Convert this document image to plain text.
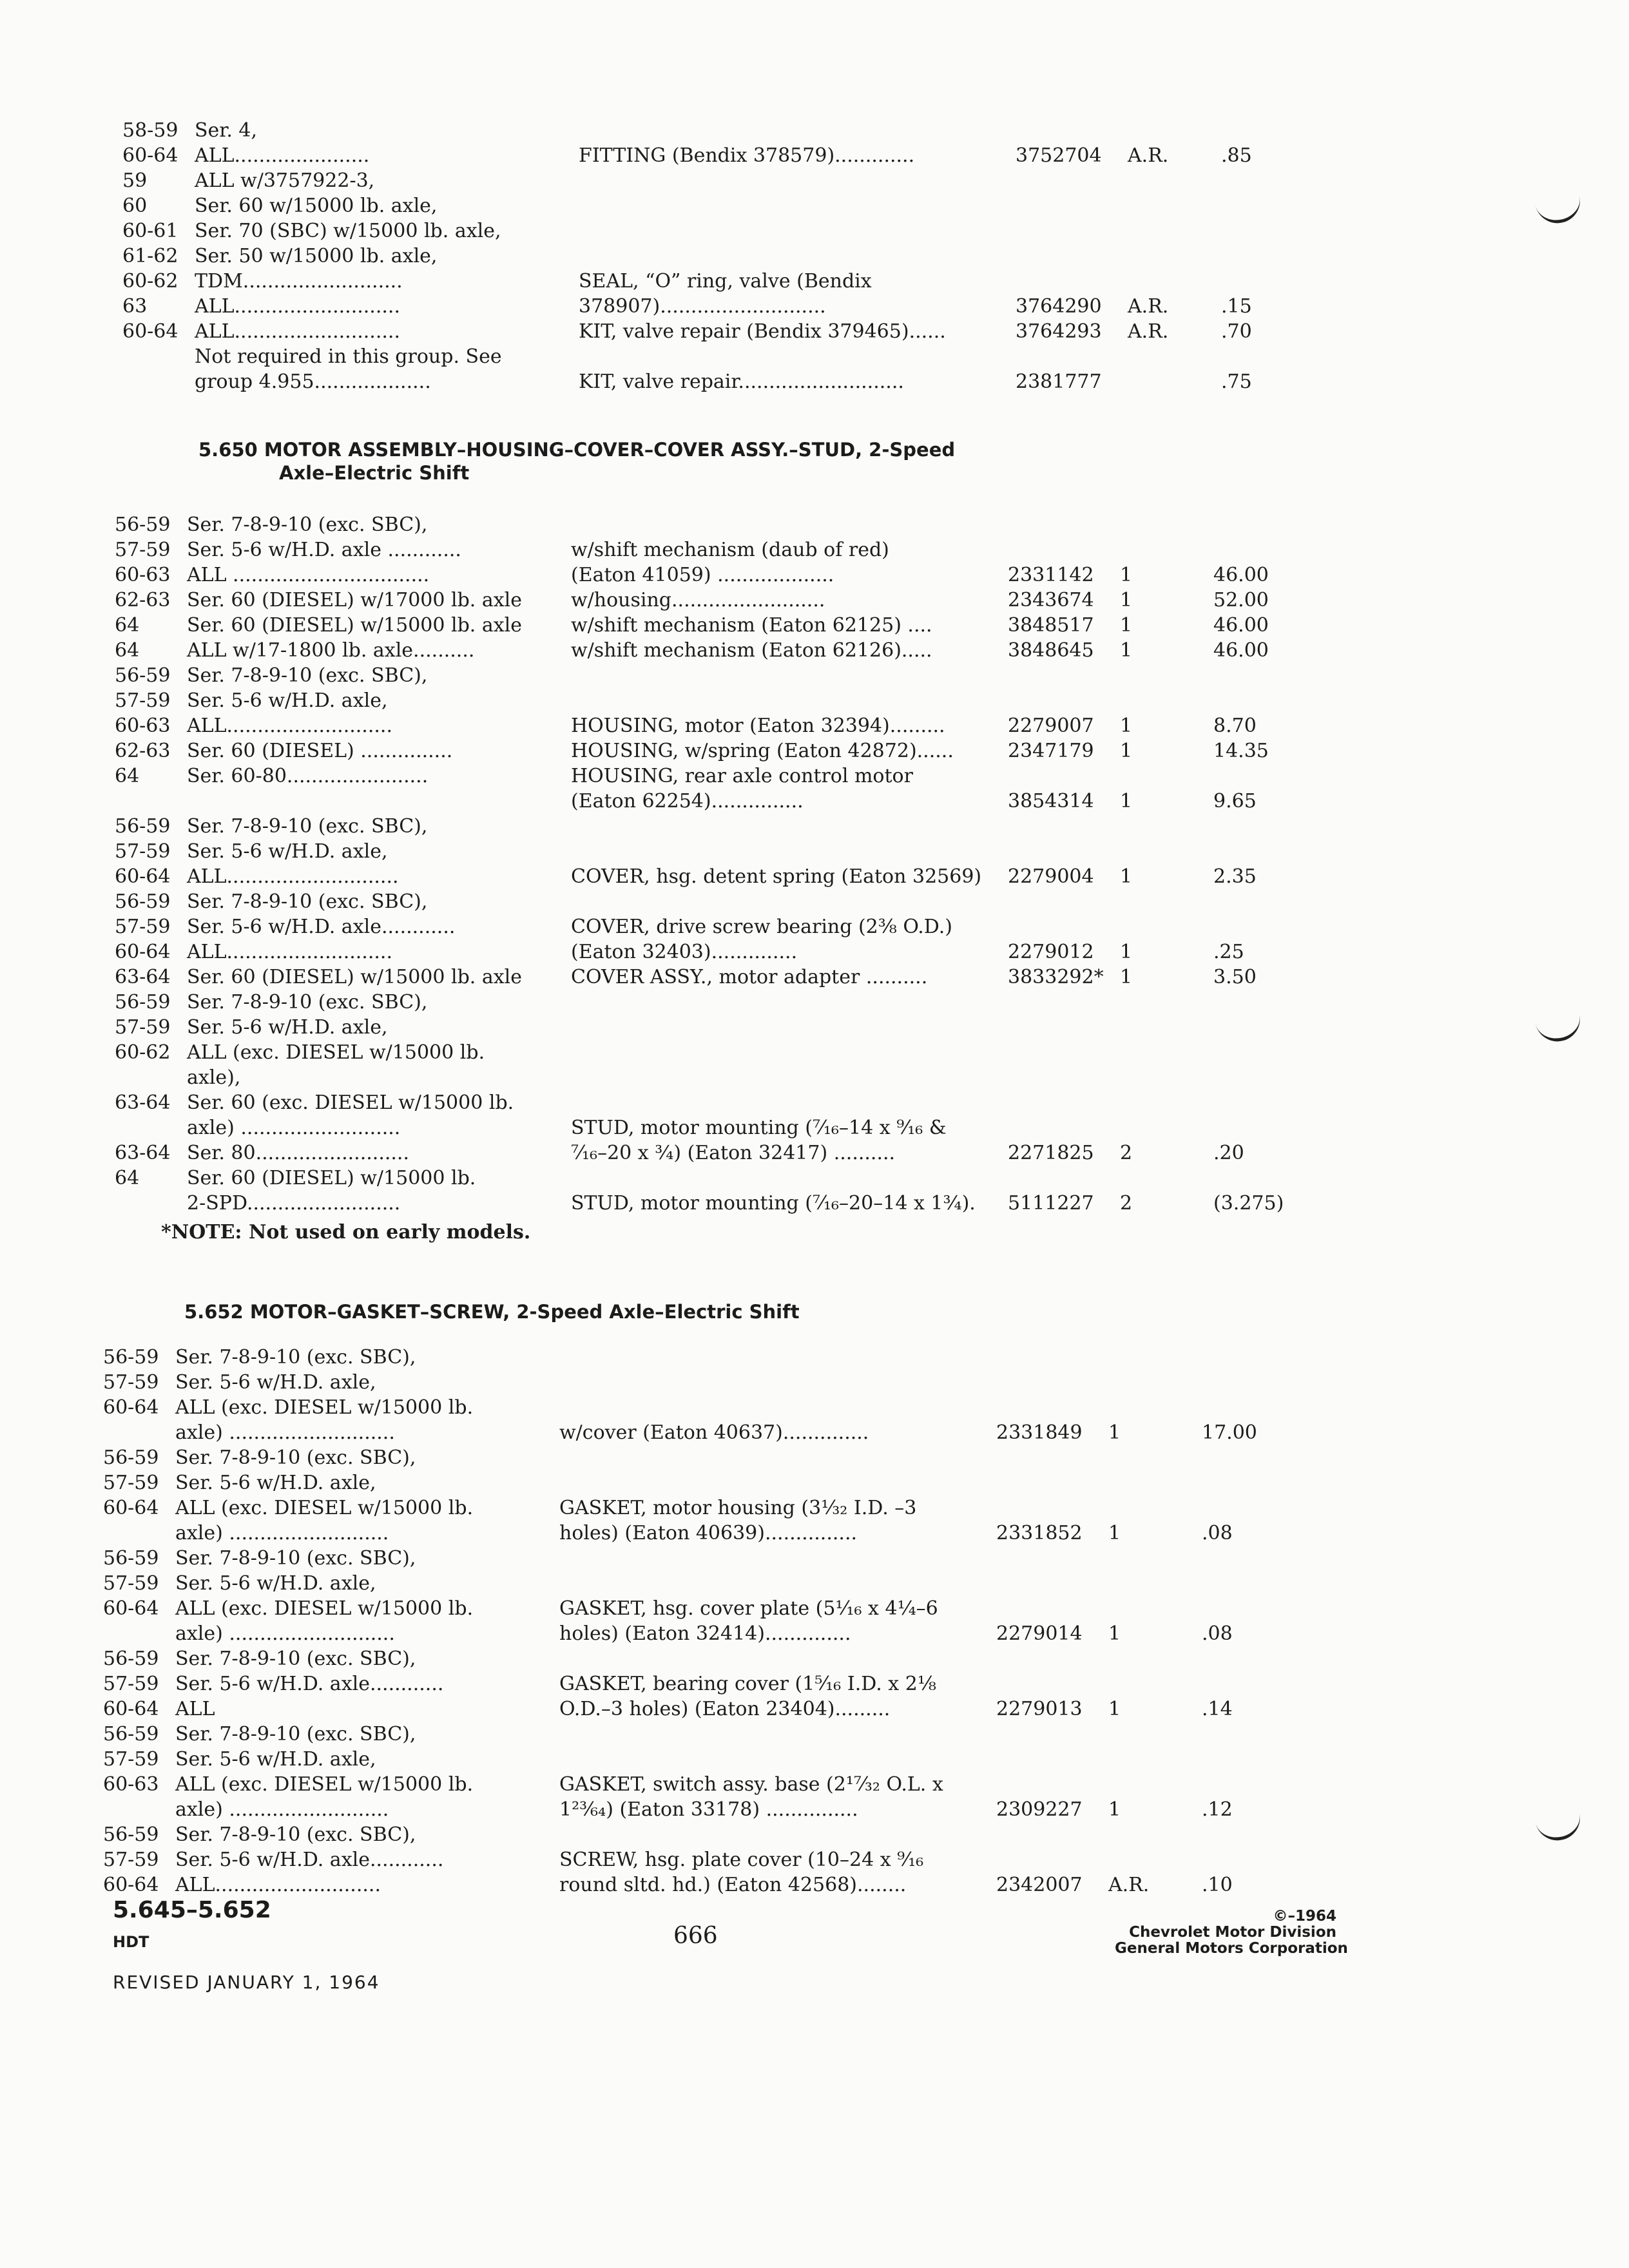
58-59 Ser. 4,
60-64 ALL......................	FITTING (Bendix 378579).............	3752704 A.R.	.85
59 ALL w/3757922-3,
60 Ser. 60 w/15000 lb. axle,
60-61 Ser. 70 (SBC) w/15000 lb. axle,
61-62 Ser. 50 w/15000 lb. axle,
60-62 TDM..........................	SEAL, “O” ring, valve (Bendix
63 ALL...........................	378907)...........................	3764290 A.R.	.15
60-64 ALL...........................	KIT, valve repair (Bendix 379465)......	3764293 A.R.	.70
Not required in this group. See
group 4.955...................	KIT, valve repair...........................	2381777	.75
5.650 MOTOR ASSEMBLY–HOUSING–COVER–COVER ASSY.–STUD, 2-Speed
Axle–Electric Shift
56-59 Ser. 7-8-9-10 (exc. SBC),
57-59 Ser. 5-6 w/H.D. axle ............	w/shift mechanism (daub of red)
60-63 ALL ................................	(Eaton 41059) ...................	2331142 1	46.00
62-63 Ser. 60 (DIESEL) w/17000 lb. axle	w/housing.........................	2343674 1	52.00
64 Ser. 60 (DIESEL) w/15000 lb. axle	w/shift mechanism (Eaton 62125) ....	3848517 1	46.00
64 ALL w/17-1800 lb. axle..........	w/shift mechanism (Eaton 62126).....	3848645 1	46.00
56-59 Ser. 7-8-9-10 (exc. SBC),
57-59 Ser. 5-6 w/H.D. axle,
60-63 ALL...........................	HOUSING, motor (Eaton 32394).........	2279007 1	8.70
62-63 Ser. 60 (DIESEL) ...............	HOUSING, w/spring (Eaton 42872)......	2347179 1	14.35
64 Ser. 60-80.......................	HOUSING, rear axle control motor
(Eaton 62254)...............	3854314 1	9.65
56-59 Ser. 7-8-9-10 (exc. SBC),
57-59 Ser. 5-6 w/H.D. axle,
60-64 ALL............................	COVER, hsg. detent spring (Eaton 32569) 2279004 1	2.35
56-59 Ser. 7-8-9-10 (exc. SBC),
57-59 Ser. 5-6 w/H.D. axle............	COVER, drive screw bearing (2⅜ O.D.)
60-64 ALL...........................	(Eaton 32403)..............	2279012 1	.25
63-64 Ser. 60 (DIESEL) w/15000 lb. axle	COVER ASSY., motor adapter ..........	3833292* 1	3.50
56-59 Ser. 7-8-9-10 (exc. SBC),
57-59 Ser. 5-6 w/H.D. axle,
60-62 ALL (exc. DIESEL w/15000 lb.
axle),
63-64 Ser. 60 (exc. DIESEL w/15000 lb.
axle) ..........................	STUD, motor mounting (⁷⁄₁₆–14 x ⁹⁄₁₆ &
63-64 Ser. 80.........................	⁷⁄₁₆–20 x ¾) (Eaton 32417) ..........	2271825 2	.20
64 Ser. 60 (DIESEL) w/15000 lb.
2-SPD.........................	STUD, motor mounting (⁷⁄₁₆–20–14 x 1¾). 5111227 2	(3.275)
*NOTE: Not used on early models.
5.652 MOTOR–GASKET–SCREW, 2-Speed Axle–Electric Shift
56-59 Ser. 7-8-9-10 (exc. SBC),
57-59 Ser. 5-6 w/H.D. axle,
60-64 ALL (exc. DIESEL w/15000 lb.
axle) ...........................	w/cover (Eaton 40637)..............	2331849 1	17.00
56-59 Ser. 7-8-9-10 (exc. SBC),
57-59 Ser. 5-6 w/H.D. axle,
60-64 ALL (exc. DIESEL w/15000 lb.	GASKET, motor housing (3⅓₂ I.D. –3
axle) ..........................	holes) (Eaton 40639)...............	2331852 1	.08
56-59 Ser. 7-8-9-10 (exc. SBC),
57-59 Ser. 5-6 w/H.D. axle,
60-64 ALL (exc. DIESEL w/15000 lb.	GASKET, hsg. cover plate (5⅟₁₆ x 4¼–6
axle) ...........................	holes) (Eaton 32414)..............	2279014 1	.08
56-59 Ser. 7-8-9-10 (exc. SBC),
57-59 Ser. 5-6 w/H.D. axle............	GASKET, bearing cover (1⁵⁄₁₆ I.D. x 2⅛
60-64 ALL	O.D.–3 holes) (Eaton 23404).........	2279013 1	.14
56-59 Ser. 7-8-9-10 (exc. SBC),
57-59 Ser. 5-6 w/H.D. axle,
60-63 ALL (exc. DIESEL w/15000 lb.	GASKET, switch assy. base (2¹⁷⁄₃₂ O.L. x
axle) ..........................	1²³⁄₆₄) (Eaton 33178) ...............	2309227 1	.12
56-59 Ser. 7-8-9-10 (exc. SBC),
57-59 Ser. 5-6 w/H.D. axle............	SCREW, hsg. plate cover (10–24 x ⁹⁄₁₆
60-64 ALL...........................	round sltd. hd.) (Eaton 42568)........	2342007 A.R.	.10
5.645–5.652
HDT	666
REVISED JANUARY 1, 1964
©–1964
Chevrolet Motor Division
General Motors Corporation
